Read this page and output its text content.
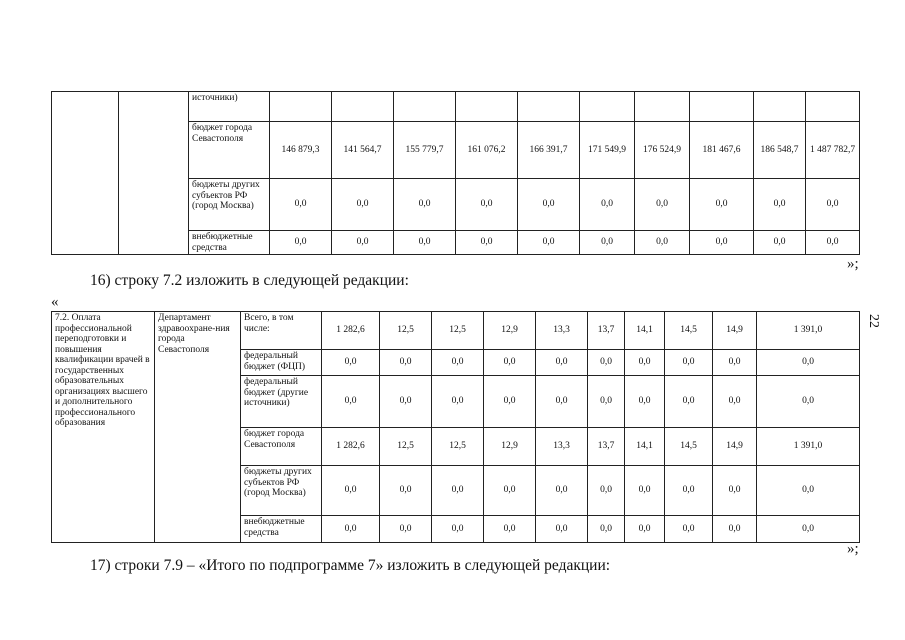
		источники)										
		бюджет города Севастополя	146 879,3	141 564,7	155 779,7	161 076,2	166 391,7	171 549,9	176 524,9	181 467,6	186 548,7	1 487 782,7
		бюджеты других субъектов РФ (город Москва)	0,0	0,0	0,0	0,0	0,0	0,0	0,0	0,0	0,0	0,0
		внебюджетные средства	0,0	0,0	0,0	0,0	0,0	0,0	0,0	0,0	0,0	0,0
»;
16) строку 7.2 изложить в следующей редакции:
«
7.2. Оплата профессиональной переподготовки и повышения квалификации врачей в государственных образовательных организациях высшего и дополнительного профессионального образования	Департамент здравоохране-ния города Севастополя	Всего, в том числе:	1 282,6	12,5	12,5	12,9	13,3	13,7	14,1	14,5	14,9	1 391,0
		федеральный бюджет (ФЦП)	0,0	0,0	0,0	0,0	0,0	0,0	0,0	0,0	0,0	0,0
		федеральный бюджет (другие источники)	0,0	0,0	0,0	0,0	0,0	0,0	0,0	0,0	0,0	0,0
		бюджет города Севастополя	1 282,6	12,5	12,5	12,9	13,3	13,7	14,1	14,5	14,9	1 391,0
		бюджеты других субъектов РФ (город Москва)	0,0	0,0	0,0	0,0	0,0	0,0	0,0	0,0	0,0	0,0
		внебюджетные средства	0,0	0,0	0,0	0,0	0,0	0,0	0,0	0,0	0,0	0,0
»;
17) строки 7.9 – «Итого по подпрограмме 7» изложить в следующей редакции:
22
